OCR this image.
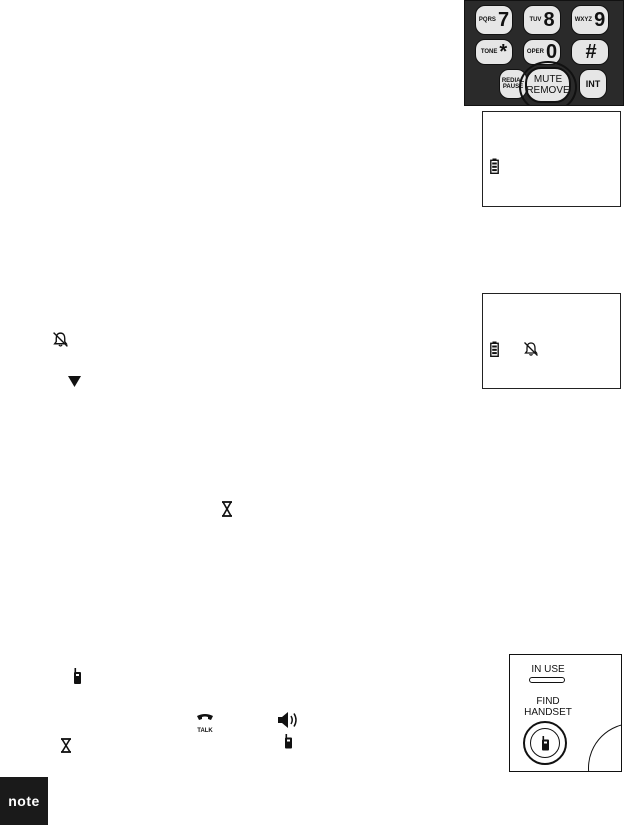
PQRS 7	TUV 8	WXYZ 9
TONE *	OPER 0 #
REDIAL PAUSE	INT
MUTE
REMOVE
TALK
IN USE
FIND
HANDSET
note
